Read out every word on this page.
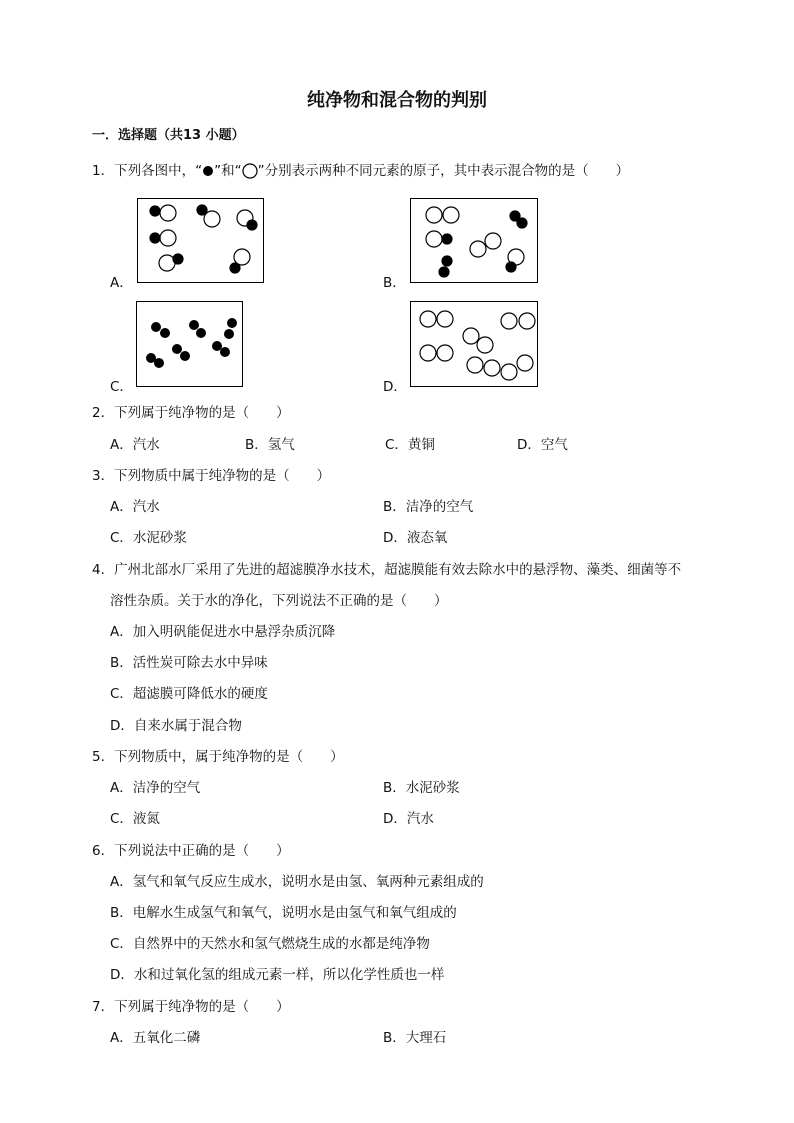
纯净物和混合物的判别
一．选择题（共13 小题）
1．下列各图中，“ ”和“ ”分别表示两种不同元素的原子，其中表示混合物的是（　　）
A．	B．
C．	D．
2．下列属于纯净物的是（　　）
A．汽水	B．氢气	C．黄铜	D．空气
3．下列物质中属于纯净物的是（　　）
A．汽水	B．洁净的空气
C．水泥砂浆	D．液态氧
4．广州北部水厂采用了先进的超滤膜净水技术，超滤膜能有效去除水中的悬浮物、藻类、细菌等不
溶性杂质。关于水的净化，下列说法不正确的是（　　）
A．加入明矾能促进水中悬浮杂质沉降
B．活性炭可除去水中异味
C．超滤膜可降低水的硬度
D．自来水属于混合物
5．下列物质中，属于纯净物的是（　　）
A．洁净的空气	B．水泥砂浆
C．液氮	D．汽水
6．下列说法中正确的是（　　）
A．氢气和氧气反应生成水，说明水是由氢、氧两种元素组成的
B．电解水生成氢气和氧气，说明水是由氢气和氧气组成的
C．自然界中的天然水和氢气燃烧生成的水都是纯净物
D．水和过氧化氢的组成元素一样，所以化学性质也一样
7．下列属于纯净物的是（　　）
A．五氧化二磷	B．大理石
